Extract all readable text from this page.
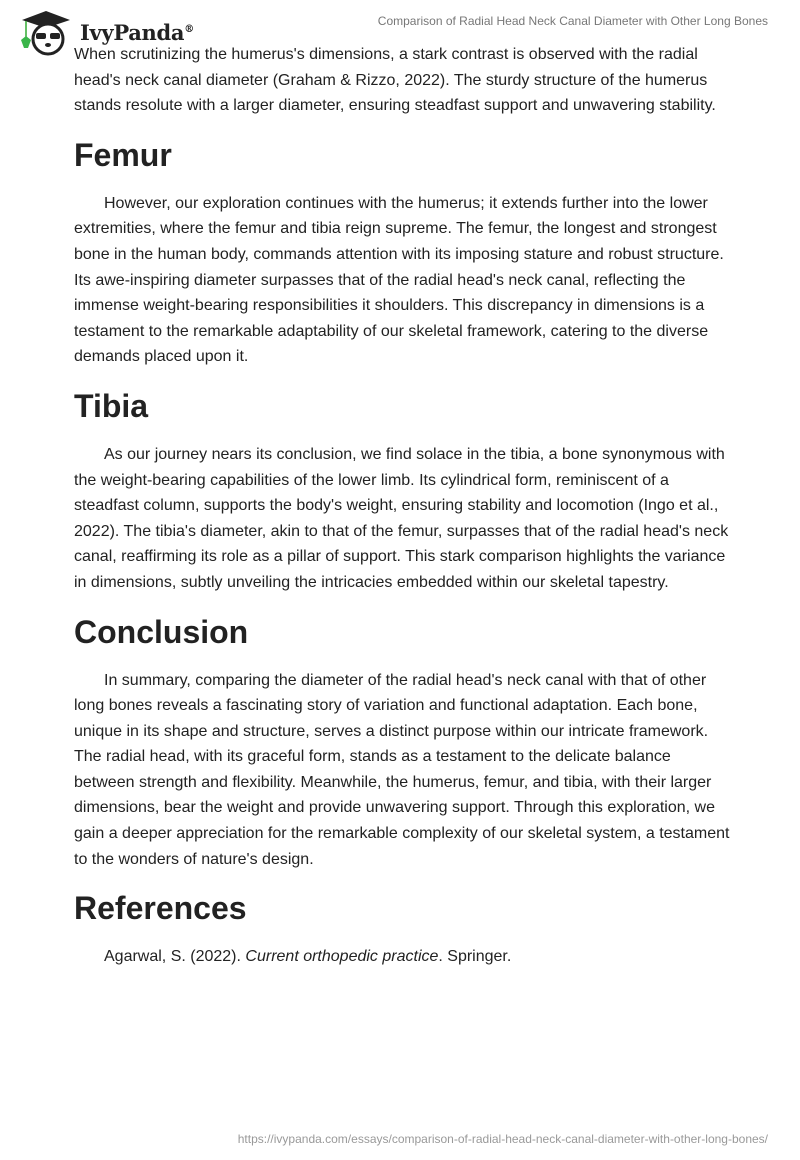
IvyPanda®
Comparison of Radial Head Neck Canal Diameter with Other Long Bones

When scrutinizing the humerus's dimensions, a stark contrast is observed with the radial head's neck canal diameter (Graham & Rizzo, 2022). The sturdy structure of the humerus stands resolute with a larger diameter, ensuring steadfast support and unwavering stability.

Femur

However, our exploration continues with the humerus; it extends further into the lower extremities, where the femur and tibia reign supreme. The femur, the longest and strongest bone in the human body, commands attention with its imposing stature and robust structure. Its awe-inspiring diameter surpasses that of the radial head's neck canal, reflecting the immense weight-bearing responsibilities it shoulders. This discrepancy in dimensions is a testament to the remarkable adaptability of our skeletal framework, catering to the diverse demands placed upon it.

Tibia

As our journey nears its conclusion, we find solace in the tibia, a bone synonymous with the weight-bearing capabilities of the lower limb. Its cylindrical form, reminiscent of a steadfast column, supports the body's weight, ensuring stability and locomotion (Ingo et al., 2022). The tibia's diameter, akin to that of the femur, surpasses that of the radial head's neck canal, reaffirming its role as a pillar of support. This stark comparison highlights the variance in dimensions, subtly unveiling the intricacies embedded within our skeletal tapestry.

Conclusion

In summary, comparing the diameter of the radial head's neck canal with that of other long bones reveals a fascinating story of variation and functional adaptation. Each bone, unique in its shape and structure, serves a distinct purpose within our intricate framework. The radial head, with its graceful form, stands as a testament to the delicate balance between strength and flexibility. Meanwhile, the humerus, femur, and tibia, with their larger dimensions, bear the weight and provide unwavering support. Through this exploration, we gain a deeper appreciation for the remarkable complexity of our skeletal system, a testament to the wonders of nature's design.

References

Agarwal, S. (2022). Current orthopedic practice. Springer.

https://ivypanda.com/essays/comparison-of-radial-head-neck-canal-diameter-with-other-long-bones/
